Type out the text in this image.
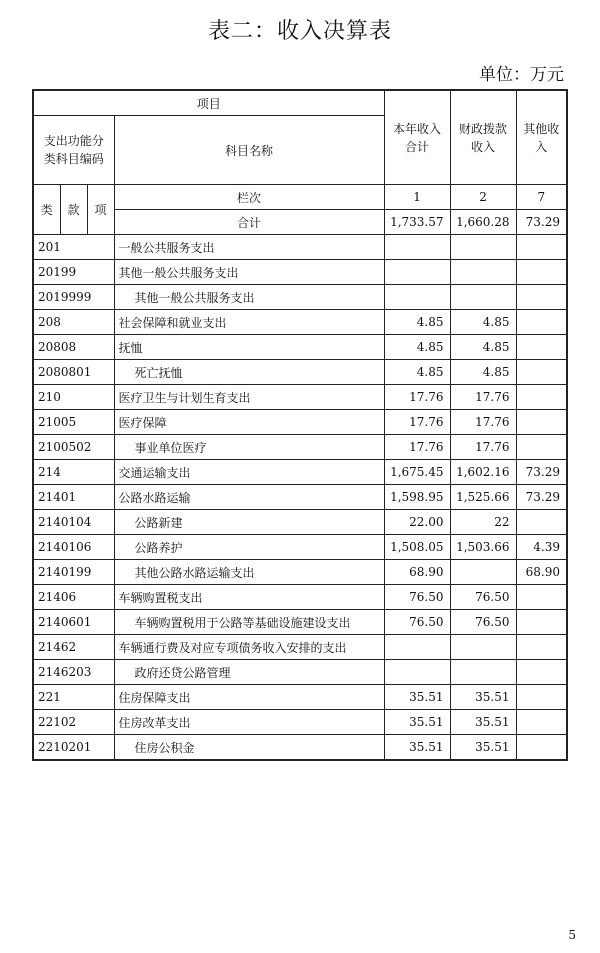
表二：收入决算表
单位：万元
项目				本年收入合计	财政拨款收入	其他收入
支出功能分类科目编码			科目名称			

类	款	项	栏次	1	2	7
			合计	1,733.57	1,660.28	73.29
201			一般公共服务支出			
20199			其他一般公共服务支出			
2019999			其他一般公共服务支出			
208			社会保障和就业支出	4.85	4.85	
20808			抚恤	4.85	4.85	
2080801			死亡抚恤	4.85	4.85	
210			医疗卫生与计划生育支出	17.76	17.76	
21005			医疗保障	17.76	17.76	
2100502			事业单位医疗	17.76	17.76	
214			交通运输支出	1,675.45	1,602.16	73.29
21401			公路水路运输	1,598.95	1,525.66	73.29
2140104			公路新建	22.00	22	
2140106			公路养护	1,508.05	1,503.66	4.39
2140199			其他公路水路运输支出	68.90		68.90
21406			车辆购置税支出	76.50	76.50	
2140601			车辆购置税用于公路等基础设施建设支出	76.50	76.50	
21462			车辆通行费及对应专项债务收入安排的支出			
2146203			政府还贷公路管理			
221			住房保障支出	35.51	35.51	
22102			住房改革支出	35.51	35.51	
2210201			住房公积金	35.51	35.51	
5
